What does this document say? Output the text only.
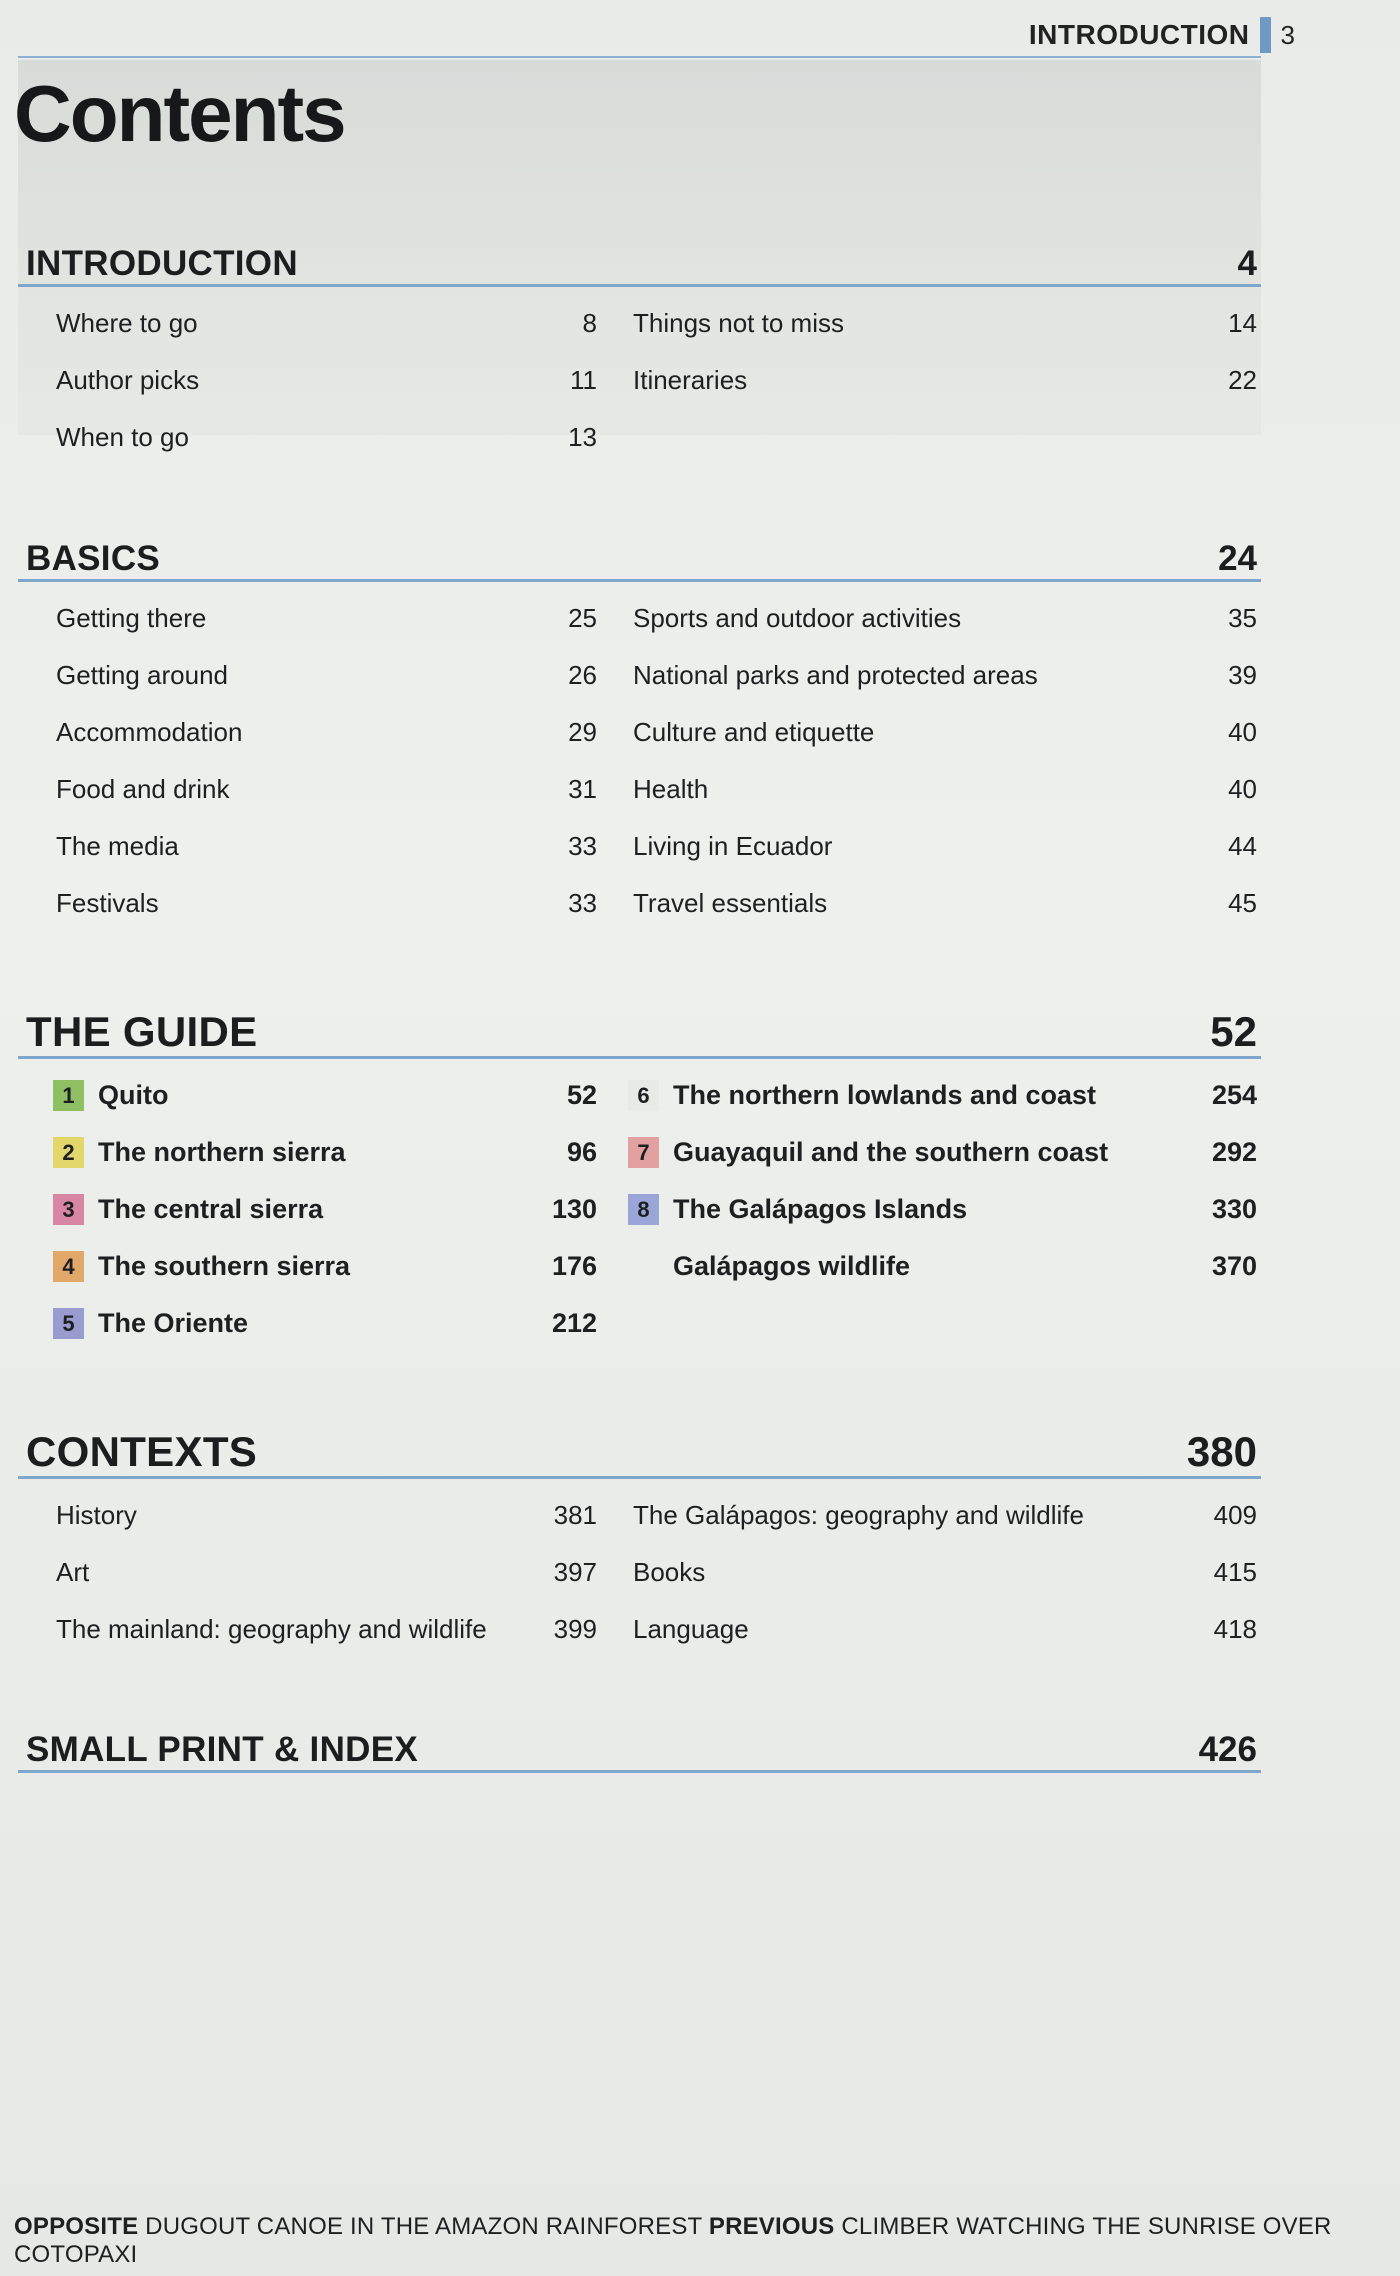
INTRODUCTION 3
Contents
INTRODUCTION	4
Where to go	8
Author picks	11
When to go	13
Things not to miss	14
Itineraries	22
BASICS	24
Getting there	25
Getting around	26
Accommodation	29
Food and drink	31
The media	33
Festivals	33
Sports and outdoor activities	35
National parks and protected areas	39
Culture and etiquette	40
Health	40
Living in Ecuador	44
Travel essentials	45
THE GUIDE	52
1 Quito	52
2 The northern sierra	96
3 The central sierra	130
4 The southern sierra	176
5 The Oriente	212
6 The northern lowlands and coast	254
7 Guayaquil and the southern coast	292
8 The Galápagos Islands	330
Galápagos wildlife	370
CONTEXTS	380
History	381
Art	397
The mainland: geography and wildlife	399
The Galápagos: geography and wildlife	409
Books	415
Language	418
SMALL PRINT & INDEX	426
OPPOSITE DUGOUT CANOE IN THE AMAZON RAINFOREST PREVIOUS CLIMBER WATCHING THE SUNRISE OVER COTOPAXI
